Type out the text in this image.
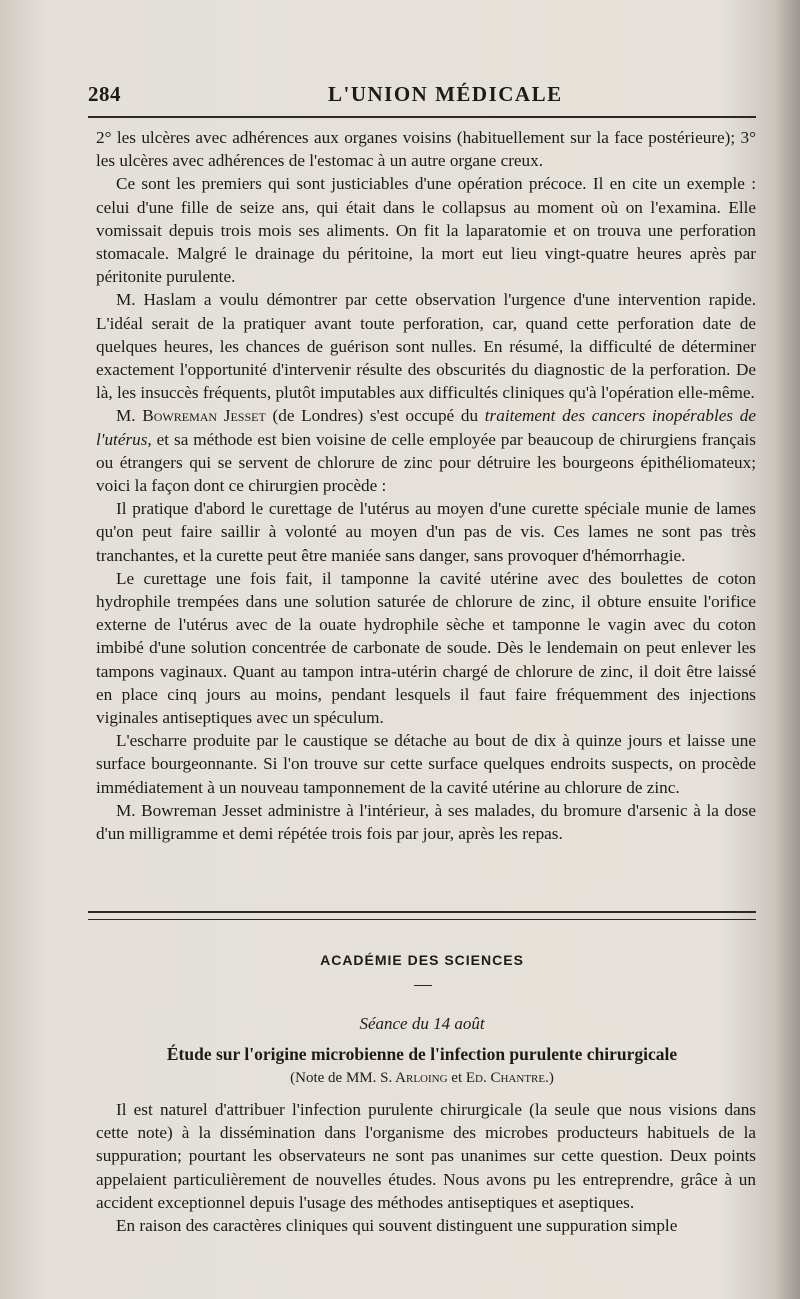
284	L'UNION MÉDICALE

2° les ulcères avec adhérences aux organes voisins (habituellement sur la face postérieure); 3° les ulcères avec adhérences de l'estomac à un autre organe creux.

Ce sont les premiers qui sont justiciables d'une opération précoce. Il en cite un exemple : celui d'une fille de seize ans, qui était dans le collapsus au moment où on l'examina. Elle vomissait depuis trois mois ses aliments. On fit la laparatomie et on trouva une perforation stomacale. Malgré le drainage du péritoine, la mort eut lieu vingt-quatre heures après par péritonite purulente.

M. Haslam a voulu démontrer par cette observation l'urgence d'une intervention rapide. L'idéal serait de la pratiquer avant toute perforation, car, quand cette perforation date de quelques heures, les chances de guérison sont nulles. En résumé, la difficulté de déterminer exactement l'opportunité d'intervenir résulte des obscurités du diagnostic de la perforation. De là, les insuccès fréquents, plutôt imputables aux difficultés cliniques qu'à l'opération elle-même.

M. Bowreman Jesset (de Londres) s'est occupé du traitement des cancers inopérables de l'utérus, et sa méthode est bien voisine de celle employée par beaucoup de chirurgiens français ou étrangers qui se servent de chlorure de zinc pour détruire les bourgeons épithéliomateux; voici la façon dont ce chirurgien procède :

Il pratique d'abord le curettage de l'utérus au moyen d'une curette spéciale munie de lames qu'on peut faire saillir à volonté au moyen d'un pas de vis. Ces lames ne sont pas très tranchantes, et la curette peut être maniée sans danger, sans provoquer d'hémorrhagie.

Le curettage une fois fait, il tamponne la cavité utérine avec des boulettes de coton hydrophile trempées dans une solution saturée de chlorure de zinc, il obture ensuite l'orifice externe de l'utérus avec de la ouate hydrophile sèche et tamponne le vagin avec du coton imbibé d'une solution concentrée de carbonate de soude. Dès le lendemain on peut enlever les tampons vaginaux. Quant au tampon intra-utérin chargé de chlorure de zinc, il doit être laissé en place cinq jours au moins, pendant lesquels il faut faire fréquemment des injections viginales antiseptiques avec un spéculum.

L'escharre produite par le caustique se détache au bout de dix à quinze jours et laisse une surface bourgeonnante. Si l'on trouve sur cette surface quelques endroits suspects, on procède immédiatement à un nouveau tamponnement de la cavité utérine au chlorure de zinc.

M. Bowreman Jesset administre à l'intérieur, à ses malades, du bromure d'arsenic à la dose d'un milligramme et demi répétée trois fois par jour, après les repas.

ACADÉMIE DES SCIENCES
Séance du 14 août
Étude sur l'origine microbienne de l'infection purulente chirurgicale
(Note de MM. S. Arloing et Ed. Chantre.)

Il est naturel d'attribuer l'infection purulente chirurgicale (la seule que nous visions dans cette note) à la dissémination dans l'organisme des microbes producteurs habituels de la suppuration; pourtant les observateurs ne sont pas unanimes sur cette question. Deux points appelaient particulièrement de nouvelles études. Nous avons pu les entreprendre, grâce à un accident exceptionnel depuis l'usage des méthodes antiseptiques et aseptiques.

En raison des caractères cliniques qui souvent distinguent une suppuration simple
